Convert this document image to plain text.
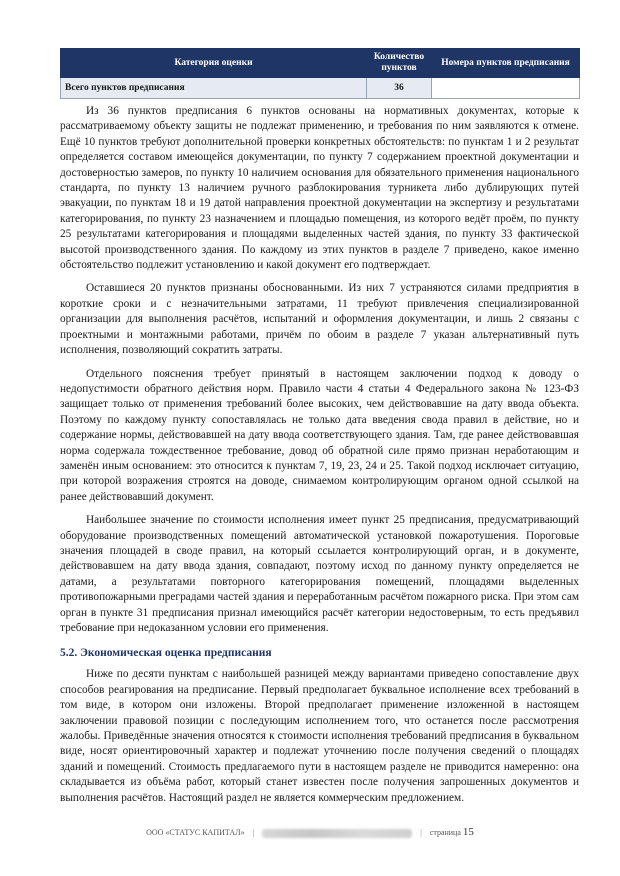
Категория оценки	Количество пунктов	Номера пунктов предписания
Всего пунктов предписания	36	

Из 36 пунктов предписания 6 пунктов основаны на нормативных документах, которые к рассматриваемому объекту защиты не подлежат применению, и требования по ним заявляются к отмене. Ещё 10 пунктов требуют дополнительной проверки конкретных обстоятельств: по пунктам 1 и 2 результат определяется составом имеющейся документации, по пункту 7 содержанием проектной документации и достоверностью замеров, по пункту 10 наличием основания для обязательного применения национального стандарта, по пункту 13 наличием ручного разблокирования турникета либо дублирующих путей эвакуации, по пунктам 18 и 19 датой направления проектной документации на экспертизу и результатами категорирования, по пункту 23 назначением и площадью помещения, из которого ведёт проём, по пункту 25 результатами категорирования и площадями выделенных частей здания, по пункту 33 фактической высотой производственного здания. По каждому из этих пунктов в разделе 7 приведено, какое именно обстоятельство подлежит установлению и какой документ его подтверждает.

Оставшиеся 20 пунктов признаны обоснованными. Из них 7 устраняются силами предприятия в короткие сроки и с незначительными затратами, 11 требуют привлечения специализированной организации для выполнения расчётов, испытаний и оформления документации, и лишь 2 связаны с проектными и монтажными работами, причём по обоим в разделе 7 указан альтернативный путь исполнения, позволяющий сократить затраты.

Отдельного пояснения требует принятый в настоящем заключении подход к доводу о недопустимости обратного действия норм. Правило части 4 статьи 4 Федерального закона № 123-ФЗ защищает только от применения требований более высоких, чем действовавшие на дату ввода объекта. Поэтому по каждому пункту сопоставлялась не только дата введения свода правил в действие, но и содержание нормы, действовавшей на дату ввода соответствующего здания. Там, где ранее действовавшая норма содержала тождественное требование, довод об обратной силе прямо признан неработающим и заменён иным основанием: это относится к пунктам 7, 19, 23, 24 и 25. Такой подход исключает ситуацию, при которой возражения строятся на доводе, снимаемом контролирующим органом одной ссылкой на ранее действовавший документ.

Наибольшее значение по стоимости исполнения имеет пункт 25 предписания, предусматривающий оборудование производственных помещений автоматической установкой пожаротушения. Пороговые значения площадей в своде правил, на который ссылается контролирующий орган, и в документе, действовавшем на дату ввода здания, совпадают, поэтому исход по данному пункту определяется не датами, а результатами повторного категорирования помещений, площадями выделенных противопожарными преградами частей здания и переработанным расчётом пожарного риска. При этом сам орган в пункте 31 предписания признал имеющийся расчёт категории недостоверным, то есть предъявил требование при недоказанном условии его применения.

5.2. Экономическая оценка предписания

Ниже по десяти пунктам с наибольшей разницей между вариантами приведено сопоставление двух способов реагирования на предписание. Первый предполагает буквальное исполнение всех требований в том виде, в котором они изложены. Второй предполагает применение изложенной в настоящем заключении правовой позиции с последующим исполнением того, что останется после рассмотрения жалобы. Приведённые значения относятся к стоимости исполнения требований предписания в буквальном виде, носят ориентировочный характер и подлежат уточнению после получения сведений о площадях зданий и помещений. Стоимость предлагаемого пути в настоящем разделе не приводится намеренно: она складывается из объёма работ, который станет известен после получения запрошенных документов и выполнения расчётов. Настоящий раздел не является коммерческим предложением.

ООО «СТАТУС КАПИТАЛ» |	| страница 15
